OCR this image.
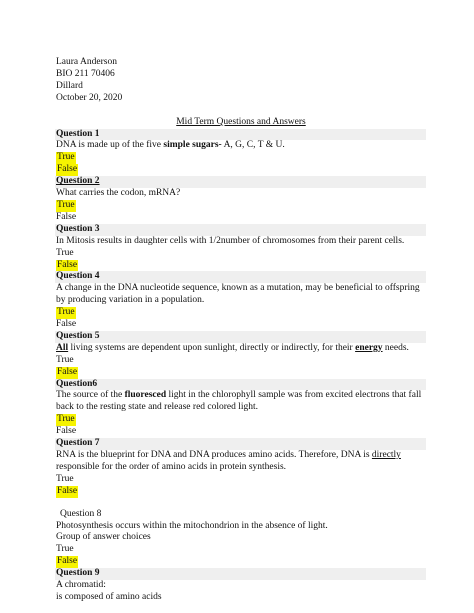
Laura Anderson
BIO 211 70406
Dillard
October 20, 2020
Mid Term Questions and Answers
Question 1
DNA is made up of the five simple sugars- A, G, C, T & U.
True
False
Question 2
What carries the codon, mRNA?
True
False
Question 3
In Mitosis results in daughter cells with 1/2number of chromosomes from their parent cells.
True
False
Question 4
A change in the DNA nucleotide sequence, known as a mutation, may be beneficial to offspring by producing variation in a population.
True
False
Question 5
All living systems are dependent upon sunlight, directly or indirectly, for their energy needs.
True
False
Question6
The source of the fluoresced light in the chlorophyll sample was from excited electrons that fall back to the resting state and release red colored light.
True
False
Question 7
RNA is the blueprint for DNA and DNA produces amino acids. Therefore, DNA is directly responsible for the order of amino acids in protein synthesis.
True
False
Question 8
Photosynthesis occurs within the mitochondrion in the absence of light.
Group of answer choices
True
False
Question 9
A chromatid:
is composed of amino acids
